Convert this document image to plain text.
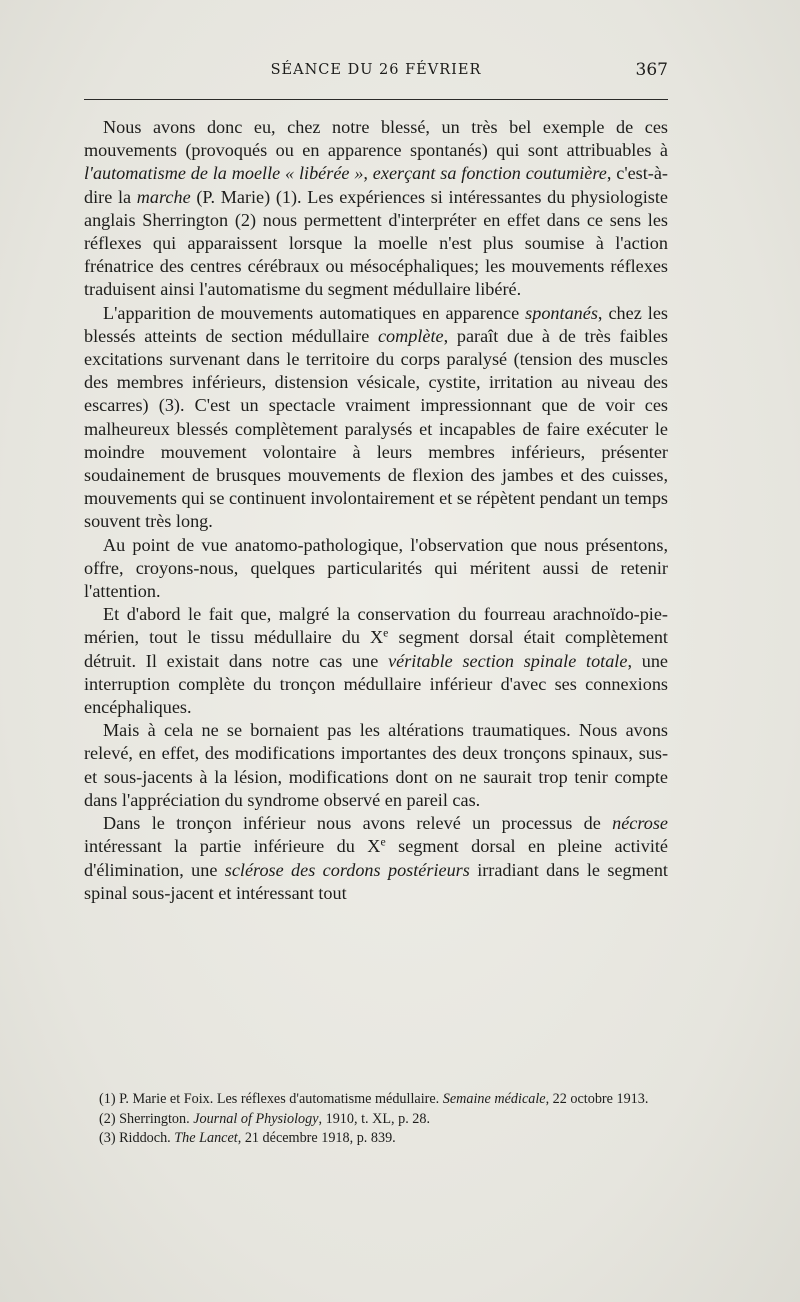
SÉANCE DU 26 FÉVRIER	367

Nous avons donc eu, chez notre blessé, un très bel exemple de ces mouvements (provoqués ou en apparence spontanés) qui sont attribuables à l'automatisme de la moelle « libérée », exerçant sa fonction coutumière, c'est-à-dire la marche (P. Marie) (1). Les expériences si intéressantes du physiologiste anglais Sherrington (2) nous permettent d'interpréter en effet dans ce sens les réflexes qui apparaissent lorsque la moelle n'est plus soumise à l'action frénatrice des centres cérébraux ou mésocéphaliques; les mouvements réflexes traduisent ainsi l'automatisme du segment médullaire libéré.

L'apparition de mouvements automatiques en apparence spontanés, chez les blessés atteints de section médullaire complète, paraît due à de très faibles excitations survenant dans le territoire du corps paralysé (tension des muscles des membres inférieurs, distension vésicale, cystite, irritation au niveau des escarres) (3). C'est un spectacle vraiment impressionnant que de voir ces malheureux blessés complètement paralysés et incapables de faire exécuter le moindre mouvement volontaire à leurs membres inférieurs, présenter soudainement de brusques mouvements de flexion des jambes et des cuisses, mouvements qui se continuent involontairement et se répètent pendant un temps souvent très long.

Au point de vue anatomo-pathologique, l'observation que nous présentons, offre, croyons-nous, quelques particularités qui méritent aussi de retenir l'attention.

Et d'abord le fait que, malgré la conservation du fourreau arachnoïdo-pie-mérien, tout le tissu médullaire du Xe segment dorsal était complètement détruit. Il existait dans notre cas une véritable section spinale totale, une interruption complète du tronçon médullaire inférieur d'avec ses connexions encéphaliques.

Mais à cela ne se bornaient pas les altérations traumatiques. Nous avons relevé, en effet, des modifications importantes des deux tronçons spinaux, sus- et sous-jacents à la lésion, modifications dont on ne saurait trop tenir compte dans l'appréciation du syndrome observé en pareil cas.

Dans le tronçon inférieur nous avons relevé un processus de nécrose intéressant la partie inférieure du Xe segment dorsal en pleine activité d'élimination, une sclérose des cordons postérieurs irradiant dans le segment spinal sous-jacent et intéressant tout

(1) P. Marie et Foix. Les réflexes d'automatisme médullaire. Semaine médicale, 22 octobre 1913.

(2) Sherrington. Journal of Physiology, 1910, t. XL, p. 28.

(3) Riddoch. The Lancet, 21 décembre 1918, p. 839.
